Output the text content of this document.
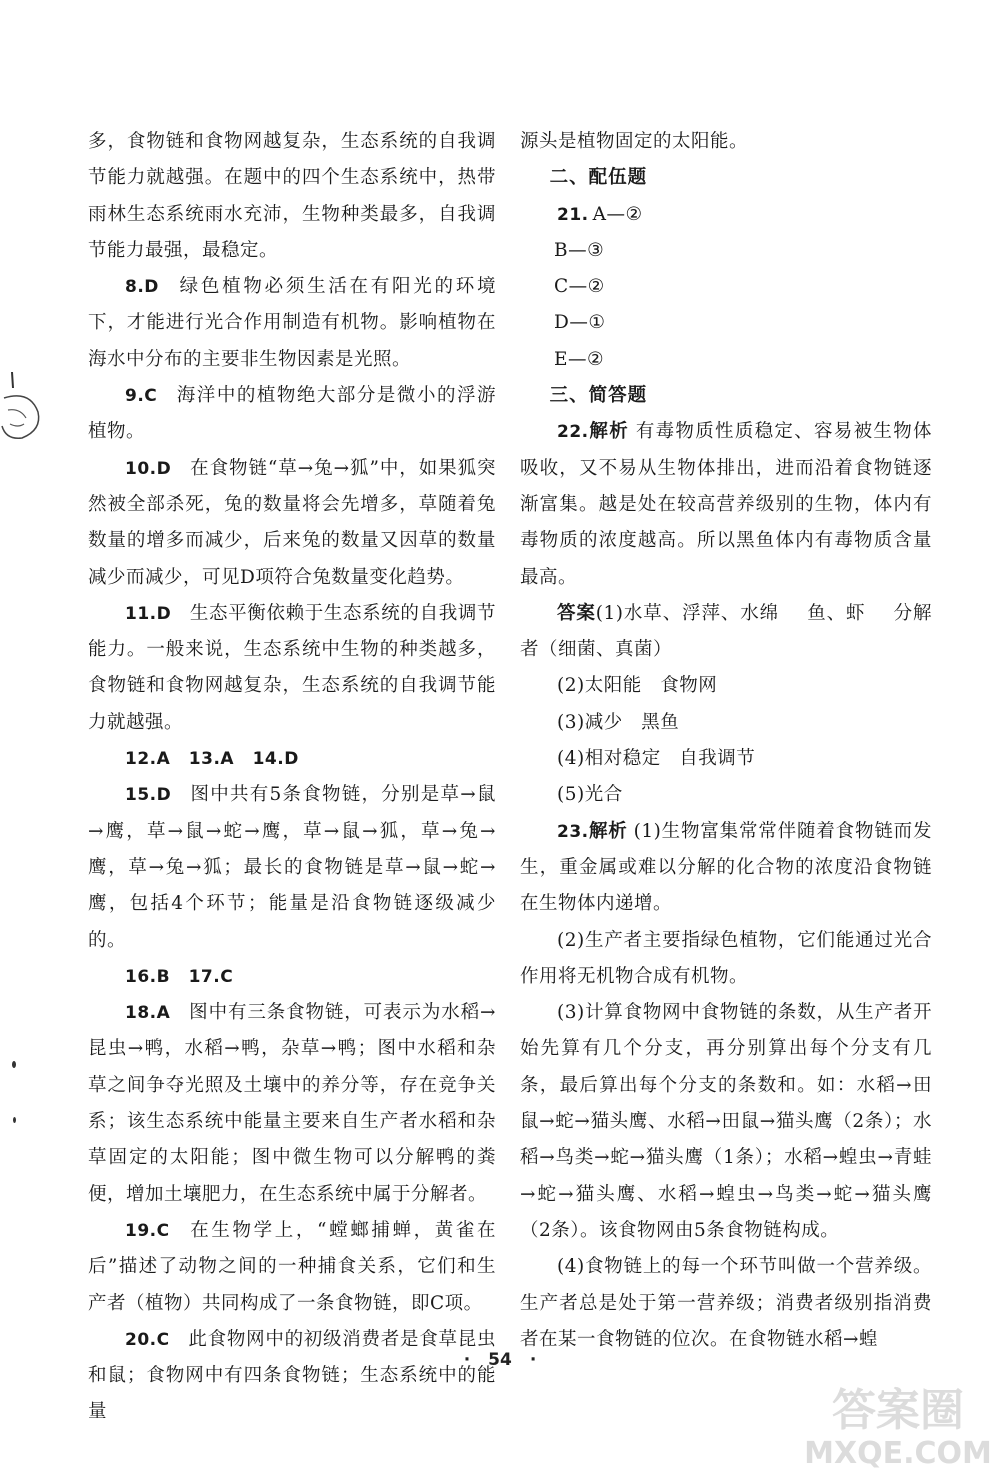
多，食物链和食物网越复杂，生态系统的自我调节能力就越强。在题中的四个生态系统中，热带雨林生态系统雨水充沛，生物种类最多，自我调节能力最强，最稳定。

8.D 绿色植物必须生活在有阳光的环境下，才能进行光合作用制造有机物。影响植物在海水中分布的主要非生物因素是光照。

9.C 海洋中的植物绝大部分是微小的浮游植物。

10.D 在食物链“草→兔→狐”中，如果狐突然被全部杀死，兔的数量将会先增多，草随着兔数量的增多而减少，后来兔的数量又因草的数量减少而减少，可见D项符合兔数量变化趋势。

11.D 生态平衡依赖于生态系统的自我调节能力。一般来说，生态系统中生物的种类越多，食物链和食物网越复杂，生态系统的自我调节能力就越强。

12.A 13.A 14.D

15.D 图中共有5条食物链，分别是草→鼠→鹰，草→鼠→蛇→鹰，草→鼠→狐，草→兔→鹰，草→兔→狐；最长的食物链是草→鼠→蛇→鹰，包括4个环节；能量是沿食物链逐级减少的。

16.B 17.C

18.A 图中有三条食物链，可表示为水稻→昆虫→鸭，水稻→鸭，杂草→鸭；图中水稻和杂草之间争夺光照及土壤中的养分等，存在竞争关系；该生态系统中能量主要来自生产者水稻和杂草固定的太阳能；图中微生物可以分解鸭的粪便，增加土壤肥力，在生态系统中属于分解者。

19.C 在生物学上，“螳螂捕蝉，黄雀在后”描述了动物之间的一种捕食关系，它们和生产者（植物）共同构成了一条食物链，即C项。

20.C 此食物网中的初级消费者是食草昆虫和鼠；食物网中有四条食物链；生态系统中的能量

源头是植物固定的太阳能。

二、配伍题

21. A—②

B—③

C—②

D—①

E—②

三、简答题

22.解析 有毒物质性质稳定、容易被生物体吸收，又不易从生物体排出，进而沿着食物链逐渐富集。越是处在较高营养级别的生物，体内有毒物质的浓度越高。所以黑鱼体内有毒物质含量最高。

答案(1)水草、浮萍、水绵 鱼、虾 分解者（细菌、真菌）

(2)太阳能 食物网

(3)减少 黑鱼

(4)相对稳定 自我调节

(5)光合

23.解析 (1)生物富集常常伴随着食物链而发生，重金属或难以分解的化合物的浓度沿食物链在生物体内递增。

(2)生产者主要指绿色植物，它们能通过光合作用将无机物合成有机物。

(3)计算食物网中食物链的条数，从生产者开始先算有几个分支，再分别算出每个分支有几条，最后算出每个分支的条数和。如：水稻→田鼠→蛇→猫头鹰、水稻→田鼠→猫头鹰（2条）；水稻→鸟类→蛇→猫头鹰（1条）；水稻→蝗虫→青蛙→蛇→猫头鹰、水稻→蝗虫→鸟类→蛇→猫头鹰（2条）。该食物网由5条食物链构成。

(4)食物链上的每一个环节叫做一个营养级。生产者总是处于第一营养级；消费者级别指消费者在某一食物链的位次。在食物链水稻→蝗

· 54 ·
答案圈
MXQE.COM
